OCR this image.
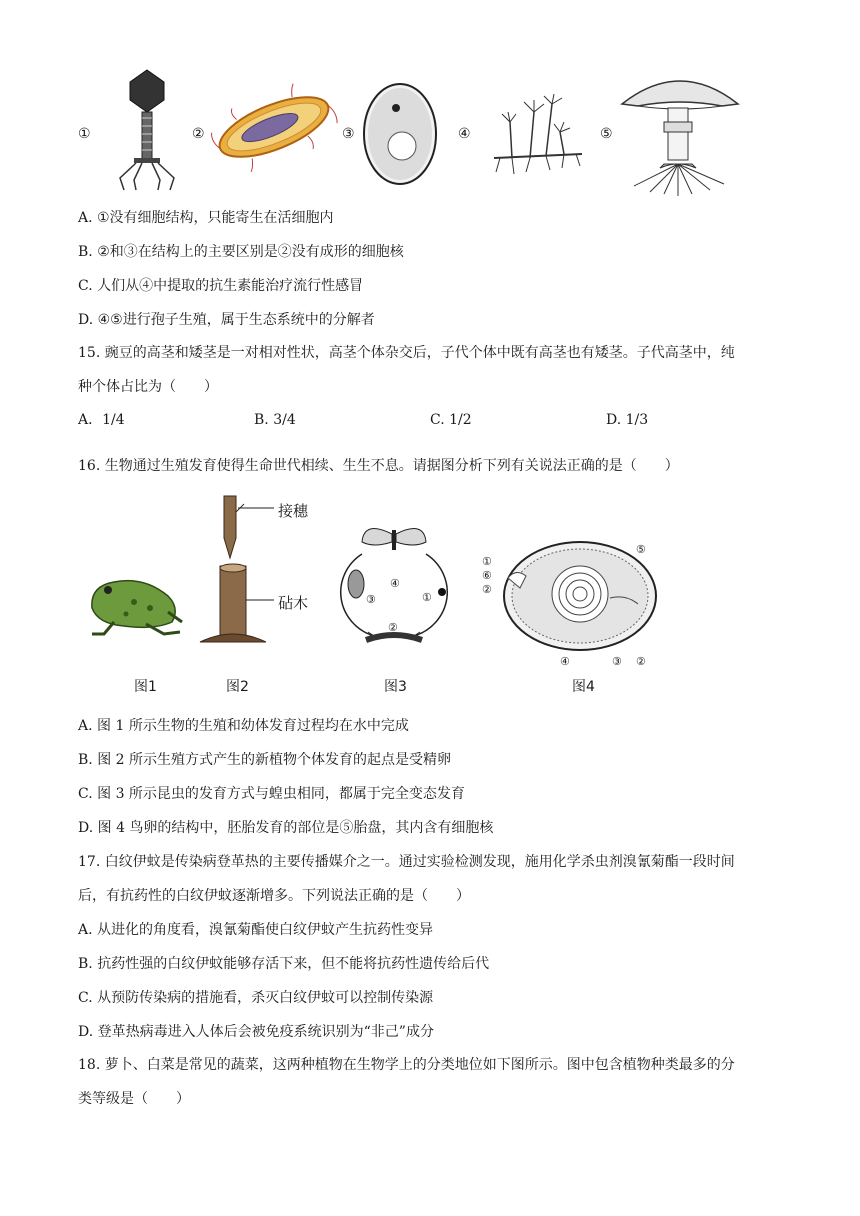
①	②	③	④	⑤
A. ①没有细胞结构，只能寄生在活细胞内
B. ②和③在结构上的主要区别是②没有成形的细胞核
C. 人们从④中提取的抗生素能治疗流行性感冒
D. ④⑤进行孢子生殖，属于生态系统中的分解者
15. 豌豆的高茎和矮茎是一对相对性状，高茎个体杂交后，子代个体中既有高茎也有矮茎。子代高茎中，纯
种个体占比为（　　）
A．1/4	B. 3/4	C. 1/2	D. 1/3
16. 生物通过生殖发育使得生命世代相续、生生不息。请据图分析下列有关说法正确的是（　　）
接穗
砧木
④
①
③
②
①
⑥
②
⑤
④	③ ②
图1	图2	图3	图4
A. 图 1 所示生物的生殖和幼体发育过程均在水中完成
B. 图 2 所示生殖方式产生的新植物个体发育的起点是受精卵
C. 图 3 所示昆虫的发育方式与蝗虫相同，都属于完全变态发育
D. 图 4 鸟卵的结构中，胚胎发育的部位是⑤胎盘，其内含有细胞核
17. 白纹伊蚊是传染病登革热的主要传播媒介之一。通过实验检测发现，施用化学杀虫剂溴氰菊酯一段时间
后，有抗药性的白纹伊蚊逐渐增多。下列说法正确的是（　　）
A. 从进化的角度看，溴氰菊酯使白纹伊蚊产生抗药性变异
B. 抗药性强的白纹伊蚊能够存活下来，但不能将抗药性遗传给后代
C. 从预防传染病的措施看，杀灭白纹伊蚊可以控制传染源
D. 登革热病毒进入人体后会被免疫系统识别为“非己”成分
18. 萝卜、白菜是常见的蔬菜，这两种植物在生物学上的分类地位如下图所示。图中包含植物种类最多的分
类等级是（　　）
